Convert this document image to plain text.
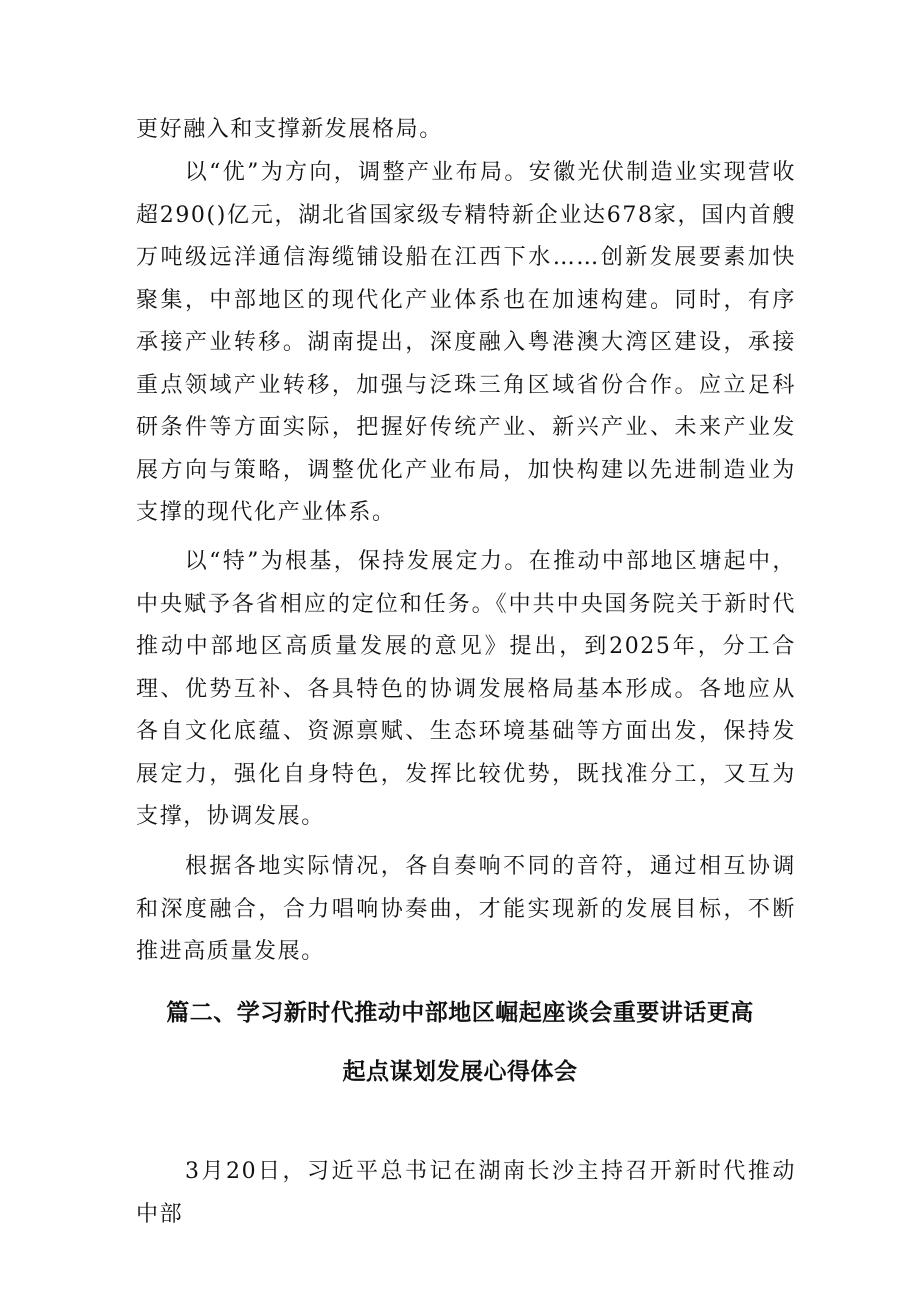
更好融入和支撑新发展格局。

　　以“优”为方向，调整产业布局。安徽光伏制造业实现营收超290()亿元，湖北省国家级专精特新企业达678家，国内首艘万吨级远洋通信海缆铺设船在江西下水……创新发展要素加快聚集，中部地区的现代化产业体系也在加速构建。同时，有序承接产业转移。湖南提出，深度融入粤港澳大湾区建设，承接重点领域产业转移，加强与泛珠三角区域省份合作。应立足科研条件等方面实际，把握好传统产业、新兴产业、未来产业发展方向与策略，调整优化产业布局，加快构建以先进制造业为支撑的现代化产业体系。

　　以“特”为根基，保持发展定力。在推动中部地区塘起中，中央赋予各省相应的定位和任务。《中共中央国务院关于新时代推动中部地区高质量发展的意见》提出，到2025年，分工合理、优势互补、各具特色的协调发展格局基本形成。各地应从各自文化底蕴、资源禀赋、生态环境基础等方面出发，保持发展定力，强化自身特色，发挥比较优势，既找准分工，又互为支撑，协调发展。

　　根据各地实际情况，各自奏响不同的音符，通过相互协调和深度融合，合力唱响协奏曲，才能实现新的发展目标，不断推进高质量发展。

篇二、学习新时代推动中部地区崛起座谈会重要讲话更高
起点谋划发展心得体会

　　3月20日，习近平总书记在湖南长沙主持召开新时代推动中部
